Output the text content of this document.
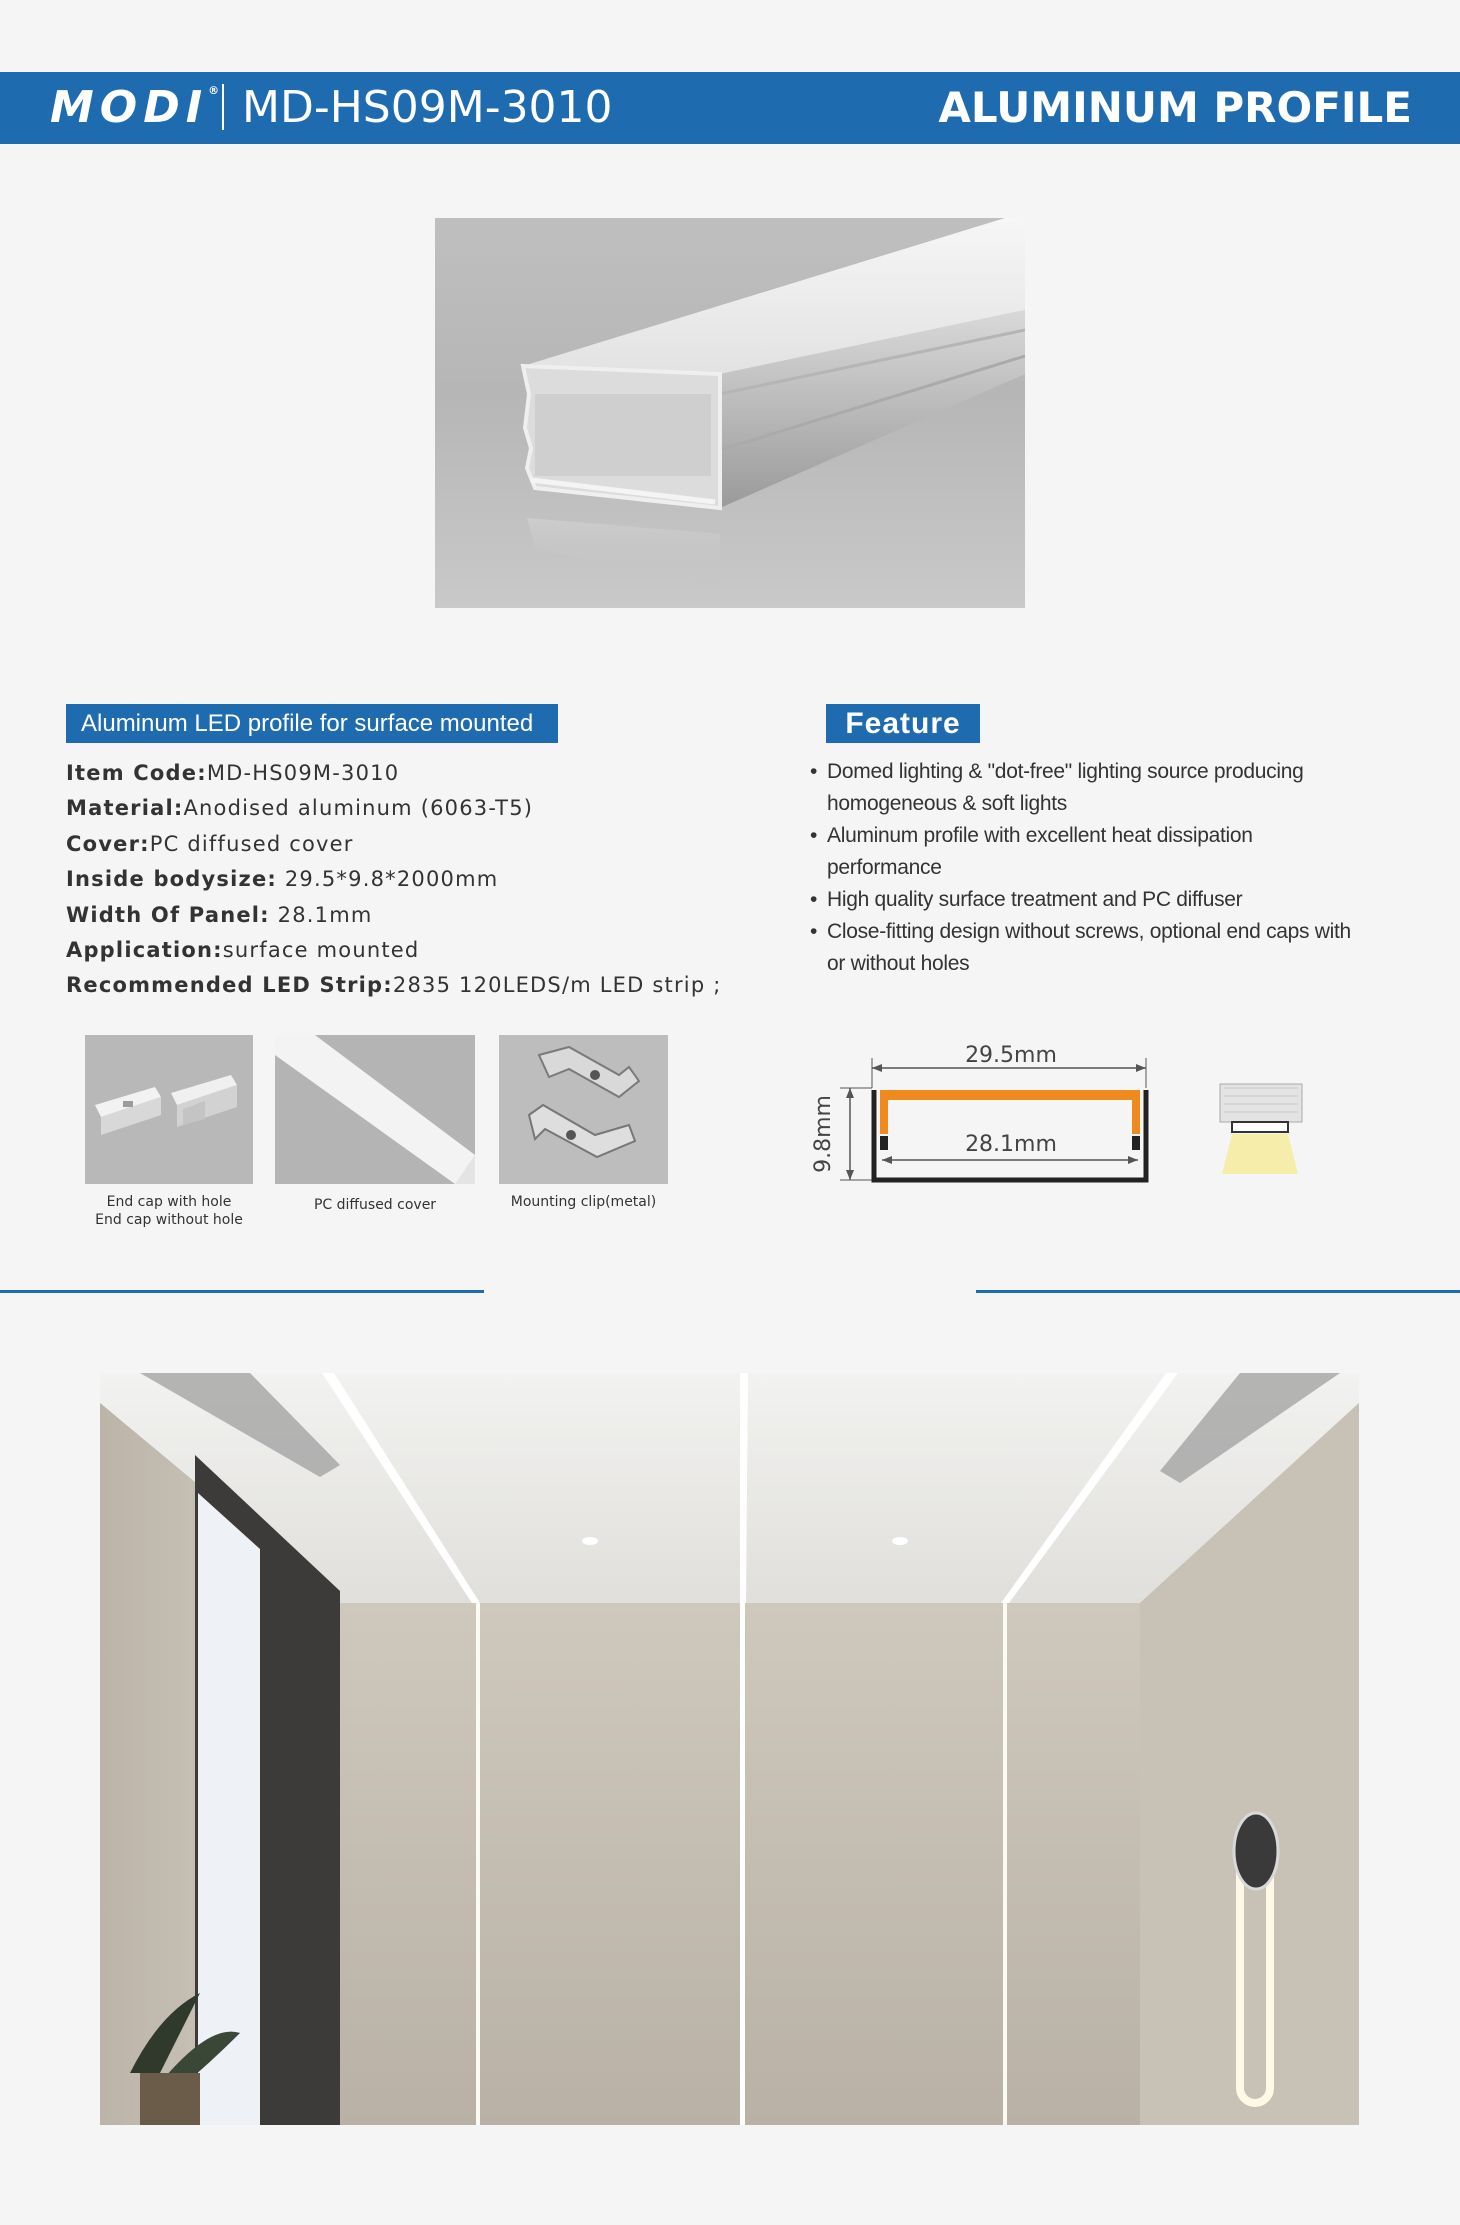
MODI® MD-HS09M-3010	ALUMINUM PROFILE
Aluminum LED profile for surface mounted
Item Code:MD-HS09M-3010
Material:Anodised aluminum (6063-T5)
Cover:PC diffused cover
Inside bodysize: 29.5*9.8*2000mm
Width Of Panel: 28.1mm
Application:surface mounted
Recommended LED Strip:2835 120LEDS/m LED strip ;
Feature
• Domed lighting & "dot-free" lighting source producing homogeneous & soft lights
• Aluminum profile with excellent heat dissipation performance
• High quality surface treatment and PC diffuser
• Close-fitting design without screws, optional end caps with or without holes
End cap with hole
End cap without hole
PC diffused cover	Mounting clip(metal)
29.5mm
9.8mm	28.1mm
